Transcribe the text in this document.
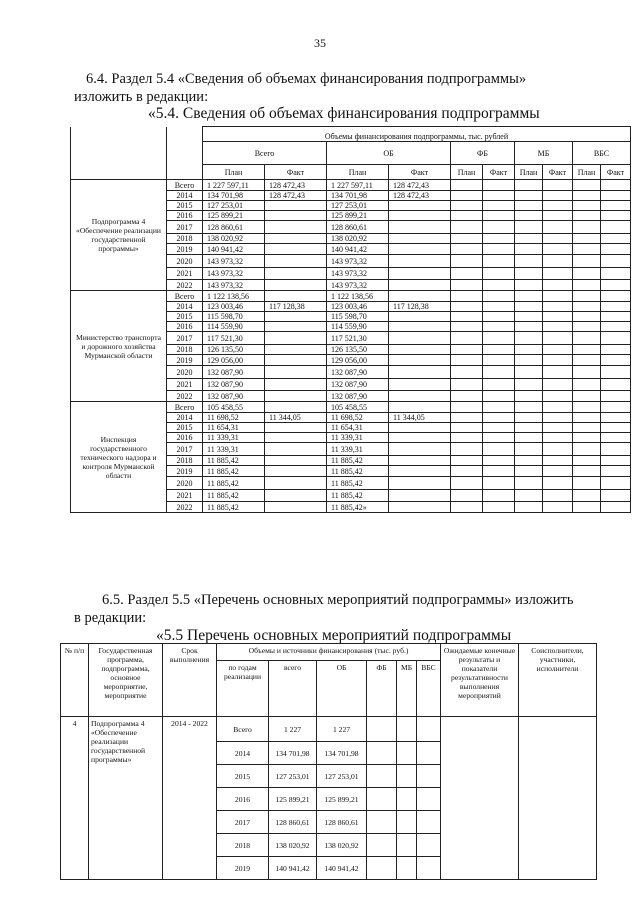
35
6.4. Раздел 5.4 «Сведения об объемах финансирования подпрограммы»
изложить в редакции:
«5.4. Сведения об объемах финансирования подпрограммы
		Объемы финансирования подпрограммы, тыс. рублей									
		Всего		ОБ		ФБ		МБ		ВБС	
		План	Факт	План	Факт	План	Факт	План	Факт	План	Факт
Подпрограмма 4 «Обеспечение реализации государственной программы»	Всего	1 227 597,11	128 472,43	1 227 597,11	128 472,43						
	2014	134 701,98	128 472,43	134 701,98	128 472,43						
	2015	127 253,01		127 253,01							
	2016	125 899,21		125 899,21							
	2017	128 860,61		128 860,61							
	2018	138 020,92		138 020,92							
	2019	140 941,42		140 941,42							
	2020	143 973,32		143 973,32							
	2021	143 973,32		143 973,32							
	2022	143 973,32		143 973,32							
Министерство транспорта и дорожного хозяйства Мурманской области	Всего	1 122 138,56		1 122 138,56							
	2014	123 003,46	117 128,38	123 003,46	117 128,38						
	2015	115 598,70		115 598,70							
	2016	114 559,90		114 559,90							
	2017	117 521,30		117 521,30							
	2018	126 135,50		126 135,50							
	2019	129 056,00		129 056,00							
	2020	132 087,90		132 087,90							
	2021	132 087,90		132 087,90							
	2022	132 087,90		132 087,90							
Инспекция государственного технического надзора и контроля Мурманской области	Всего	105 458,55		105 458,55							
	2014	11 698,52	11 344,05	11 698,52	11 344,05						
	2015	11 654,31		11 654,31							
	2016	11 339,31		11 339,31							
	2017	11 339,31		11 339,31							
	2018	11 885,42		11 885,42							
	2019	11 885,42		11 885,42							
	2020	11 885,42		11 885,42							
	2021	11 885,42		11 885,42							
	2022	11 885,42		11 885,42»							
6.5. Раздел 5.5 «Перечень основных мероприятий подпрограммы» изложить
в редакции:
«5.5 Перечень основных мероприятий подпрограммы
№ п/п	Государственная программа, подпрограмма, основное мероприятие, мероприятие	Срок выполнения	Объемы и источники финансирования (тыс. руб.)						Ожидаемые конечные результаты и показатели результативности выполнения мероприятий	Соисполнители, участники, исполнители
			по годам реализации	всего	ОБ	ФБ	МБ	ВБС		
4	Подпрограмма 4 «Обеспечение реализации государственной программы»	2014 - 2022	Всего	1 227	1 227					
			2014	134 701,98	134 701,98					
			2015	127 253,01	127 253,01					
			2016	125 899,21	125 899,21					
			2017	128 860,61	128 860,61					
			2018	138 020,92	138 020,92					
			2019	140 941,42	140 941,42					
